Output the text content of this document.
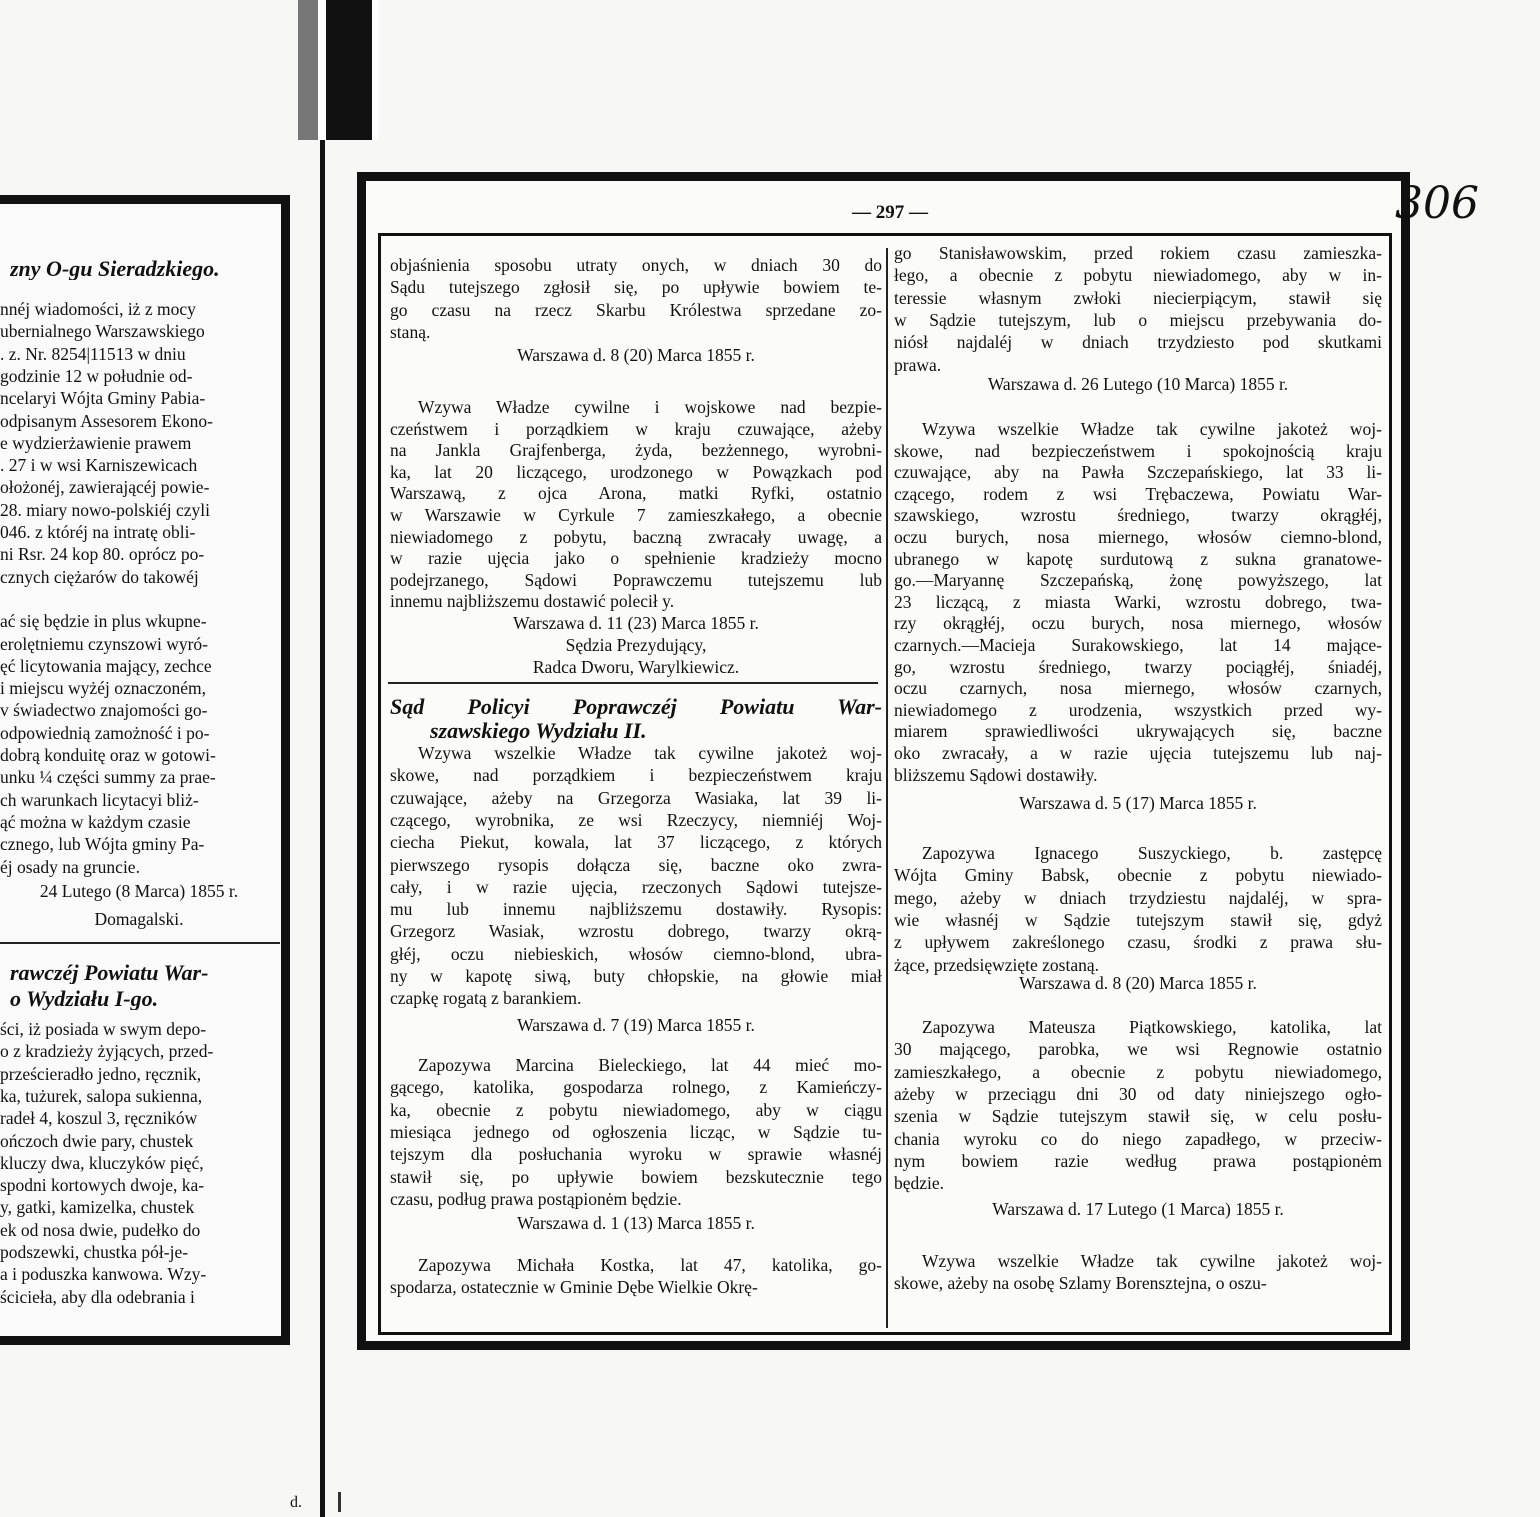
— 297 —	306
d.
zny O-gu Sieradzkiego.
nnéj wiadomości, iż z mocy
ubernialnego Warszawskiego
. z. Nr. 8254|11513 w dniu
godzinie 12 w południe od-
ncelaryi Wójta Gminy Pabia-
odpisanym Assesorem Ekono-
e wydzierżawienie prawem
. 27 i w wsi Karniszewicach
ołożonéj, zawierającéj powie-
28. miary nowo-polskiéj czyli
046. z któréj na intratę obli-
ni Rsr. 24 kop 80. oprócz po-
cznych ciężarów do takowéj
ać się będzie in plus wkupne-
erolętniemu czynszowi wyró-
ęć licytowania mający, zechce
i miejscu wyżéj oznaczoném,
v świadectwo znajomości go-
odpowiednią zamożność i po-
dobrą konduitę oraz w gotowi-
unku ¼ części summy za prae-
ch warunkach licytacyi bliż-
ąć można w każdym czasie
cznego, lub Wójta gminy Pa-
éj osady na gruncie.
24 Lutego (8 Marca) 1855 r.
Domagalski.
rawczéj Powiatu War-
o Wydziału I-go.
ści, iż posiada w swym depo-
o z kradzieży żyjących, przed-
prześcieradło jedno, ręcznik,
ka, tużurek, salopa sukienna,
radeł 4, koszul 3, ręczników
ończoch dwie pary, chustek
kluczy dwa, kluczyków pięć,
spodni kortowych dwoje, ka-
y, gatki, kamizelka, chustek
ek od nosa dwie, pudełko do
podszewki, chustka pół-je-
a i poduszka kanwowa. Wzy-
ścicieła, aby dla odebrania i
objaśnienia sposobu utraty onych, w dniach 30 do
Sądu tutejszego zgłosił się, po upływie bowiem te-
go czasu na rzecz Skarbu Królestwa sprzedane zo-
staną.
Warszawa d. 8 (20) Marca 1855 r.
Wzywa Władze cywilne i wojskowe nad bezpie-
czeństwem i porządkiem w kraju czuwające, ażeby
na Jankla Grajfenberga, żyda, bezżennego, wyrobni-
ka, lat 20 liczącego, urodzonego w Powązkach pod
Warszawą, z ojca Arona, matki Ryfki, ostatnio
w Warszawie w Cyrkule 7 zamieszkałego, a obecnie
niewiadomego z pobytu, baczną zwracały uwagę, a
w razie ujęcia jako o spełnienie kradzieży mocno
podejrzanego, Sądowi Poprawczemu tutejszemu lub
innemu najbliższemu dostawić polecił y.
Warszawa d. 11 (23) Marca 1855 r.
Sędzia Prezydujący,
Radca Dworu, Warylkiewicz.
Sąd Policyi Poprawczéj Powiatu War-
szawskiego Wydziału II.
Wzywa wszelkie Władze tak cywilne jakoteż woj-
skowe, nad porządkiem i bezpieczeństwem kraju
czuwające, ażeby na Grzegorza Wasiaka, lat 39 li-
czącego, wyrobnika, ze wsi Rzeczycy, niemniéj Woj-
ciecha Piekut, kowala, lat 37 liczącego, z których
pierwszego rysopis dołącza się, baczne oko zwra-
cały, i w razie ujęcia, rzeczonych Sądowi tutejsze-
mu lub innemu najbliższemu dostawiły. Rysopis:
Grzegorz Wasiak, wzrostu dobrego, twarzy okrą-
głéj, oczu niebieskich, włosów ciemno-blond, ubra-
ny w kapotę siwą, buty chłopskie, na głowie miał
czapkę rogatą z barankiem.
Warszawa d. 7 (19) Marca 1855 r.
Zapozywa Marcina Bieleckiego, lat 44 mieć mo-
gącego, katolika, gospodarza rolnego, z Kamieńczy-
ka, obecnie z pobytu niewiadomego, aby w ciągu
miesiąca jednego od ogłoszenia licząc, w Sądzie tu-
tejszym dla posłuchania wyroku w sprawie własnéj
stawił się, po upływie bowiem bezskutecznie tego
czasu, podług prawa postąpionėm będzie.
Warszawa d. 1 (13) Marca 1855 r.
Zapozywa Michała Kostka, lat 47, katolika, go-
spodarza, ostatecznie w Gminie Dębe Wielkie Okrę-
go Stanisławowskim, przed rokiem czasu zamieszka-
łego, a obecnie z pobytu niewiadomego, aby w in-
teressie własnym zwłoki niecierpiącym, stawił się
w Sądzie tutejszym, lub o miejscu przebywania do-
niósł najdaléj w dniach trzydziesto pod skutkami
prawa.
Warszawa d. 26 Lutego (10 Marca) 1855 r.
Wzywa wszelkie Władze tak cywilne jakoteż woj-
skowe, nad bezpieczeństwem i spokojnością kraju
czuwające, aby na Pawła Szczepańskiego, lat 33 li-
czącego, rodem z wsi Trębaczewa, Powiatu War-
szawskiego, wzrostu średniego, twarzy okrągłéj,
oczu burych, nosa miernego, włosów ciemno-blond,
ubranego w kapotę surdutową z sukna granatowe-
go.—Maryannę Szczepańską, żonę powyższego, lat
23 liczącą, z miasta Warki, wzrostu dobrego, twa-
rzy okrągłéj, oczu burych, nosa miernego, włosów
czarnych.—Macieja Surakowskiego, lat 14 mające-
go, wzrostu średniego, twarzy pociągłéj, śniadéj,
oczu czarnych, nosa miernego, włosów czarnych,
niewiadomego z urodzenia, wszystkich przed wy-
miarem sprawiedliwości ukrywających się, baczne
oko zwracały, a w razie ujęcia tutejszemu lub naj-
bliższemu Sądowi dostawiły.
Warszawa d. 5 (17) Marca 1855 r.
Zapozywa Ignacego Suszyckiego, b. zastępcę
Wójta Gminy Babsk, obecnie z pobytu niewiado-
mego, ażeby w dniach trzydziestu najdaléj, w spra-
wie własnéj w Sądzie tutejszym stawił się, gdyż
z upływem zakreślonego czasu, środki z prawa słu-
żące, przedsięwzięte zostaną.
Warszawa d. 8 (20) Marca 1855 r.
Zapozywa Mateusza Piątkowskiego, katolika, lat
30 mającego, parobka, we wsi Regnowie ostatnio
zamieszkałego, a obecnie z pobytu niewiadomego,
ażeby w przeciągu dni 30 od daty niniejszego ogło-
szenia w Sądzie tutejszym stawił się, w celu posłu-
chania wyroku co do niego zapadłego, w przeciw-
nym bowiem razie według prawa postąpionėm
będzie.
Warszawa d. 17 Lutego (1 Marca) 1855 r.
Wzywa wszelkie Władze tak cywilne jakoteż woj-
skowe, ażeby na osobę Szlamy Borensztejna, o oszu-
